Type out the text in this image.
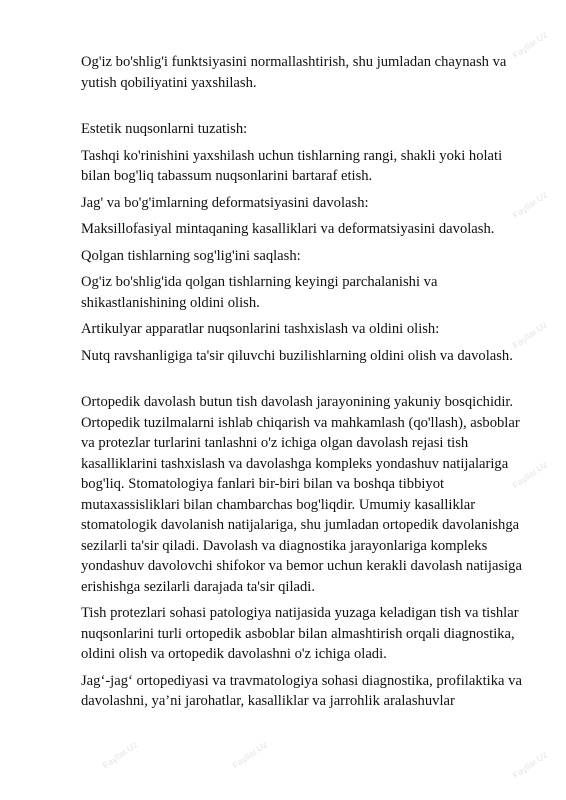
Fayllar.Uz
Fayllar.Uz
Fayllar.Uz
Fayllar.Uz
Fayllar.Uz
Fayllar.Uz	Fayllar.Uz

Og'iz bo'shlig'i funktsiyasini normallashtirish, shu jumladan chaynash va yutish qobiliyatini yaxshilash.

Estetik nuqsonlarni tuzatish:

Tashqi ko'rinishini yaxshilash uchun tishlarning rangi, shakli yoki holati bilan bog'liq tabassum nuqsonlarini bartaraf etish.

Jag' va bo'g'imlarning deformatsiyasini davolash:

Maksillofasiyal mintaqaning kasalliklari va deformatsiyasini davolash.

Qolgan tishlarning sog'lig'ini saqlash:

Og'iz bo'shlig'ida qolgan tishlarning keyingi parchalanishi va shikastlanishining oldini olish.

Artikulyar apparatlar nuqsonlarini tashxislash va oldini olish:

Nutq ravshanligiga ta'sir qiluvchi buzilishlarning oldini olish va davolash.

Ortopedik davolash butun tish davolash jarayonining yakuniy bosqichidir. Ortopedik tuzilmalarni ishlab chiqarish va mahkamlash (qo'llash), asboblar va protezlar turlarini tanlashni o'z ichiga olgan davolash rejasi tish kasalliklarini tashxislash va davolashga kompleks yondashuv natijalariga bog'liq. Stomatologiya fanlari bir-biri bilan va boshqa tibbiyot mutaxassisliklari bilan chambarchas bog'liqdir. Umumiy kasalliklar stomatologik davolanish natijalariga, shu jumladan ortopedik davolanishga sezilarli ta'sir qiladi. Davolash va diagnostika jarayonlariga kompleks yondashuv davolovchi shifokor va bemor uchun kerakli davolash natijasiga erishishga sezilarli darajada ta'sir qiladi.

Tish protezlari sohasi patologiya natijasida yuzaga keladigan tish va tishlar nuqsonlarini turli ortopedik asboblar bilan almashtirish orqali diagnostika, oldini olish va ortopedik davolashni o'z ichiga oladi.

Jag‘-jag‘ ortopediyasi va travmatologiya sohasi diagnostika, profilaktika va davolashni, ya’ni jarohatlar, kasalliklar va jarrohlik aralashuvlar
